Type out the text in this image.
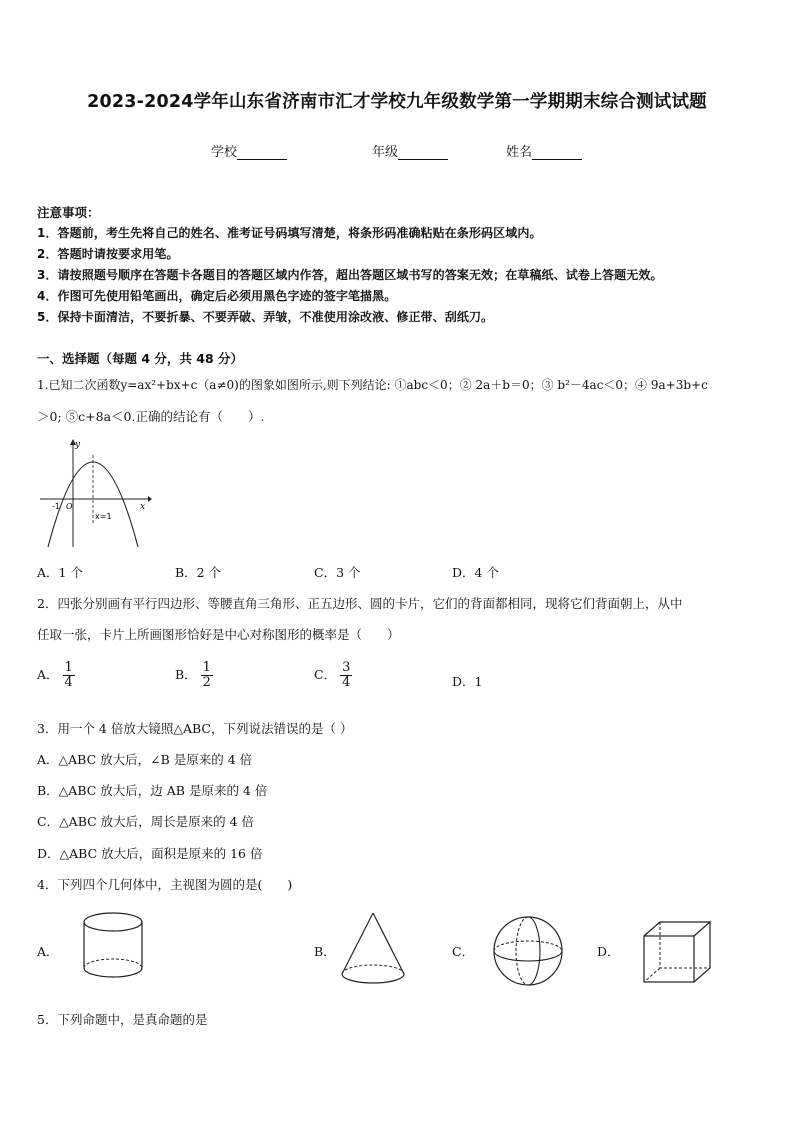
2023-2024学年山东省济南市汇才学校九年级数学第一学期期末综合测试试题
学校	年级	姓名
注意事项：
1．答题前，考生先将自己的姓名、准考证号码填写清楚，将条形码准确粘贴在条形码区域内。
2．答题时请按要求用笔。
3．请按照题号顺序在答题卡各题目的答题区域内作答，超出答题区域书写的答案无效；在草稿纸、试卷上答题无效。
4．作图可先使用铅笔画出，确定后必须用黑色字迹的签字笔描黑。
5．保持卡面清洁，不要折暴、不要弄破、弄皱，不准使用涂改液、修正带、刮纸刀。
一、选择题（每题 4 分，共 48 分）
1.已知二次函数y=ax²+bx+c（a≠0)的图象如图所示,则下列结论: ①abc＜0；② 2a＋b＝0；③ b²－4ac＜0；④ 9a+3b+c
＞0; ⑤c+8a＜0.正确的结论有（　　）.
y
x
-1 O
x=1
A．1 个	B．2 个	C．3 个	D．4 个
2．四张分别画有平行四边形、等腰直角三角形、正五边形、圆的卡片，它们的背面都相同，现将它们背面朝上，从中
任取一张，卡片上所画图形恰好是中心对称图形的概率是（　　）
A． $\frac{1}{4}$	B． $\frac{1}{2}$	C． $\frac{3}{4}$	D．1
3．用一个 4 倍放大镜照△ABC，下列说法错误的是（ ）
A．△ABC 放大后，∠B 是原来的 4 倍
B．△ABC 放大后，边 AB 是原来的 4 倍
C．△ABC 放大后，周长是原来的 4 倍
D．△ABC 放大后，面积是原来的 16 倍
4．下列四个几何体中，主视图为圆的是(　　)
A．	B．	C．	D．
5．下列命题中，是真命题的是
